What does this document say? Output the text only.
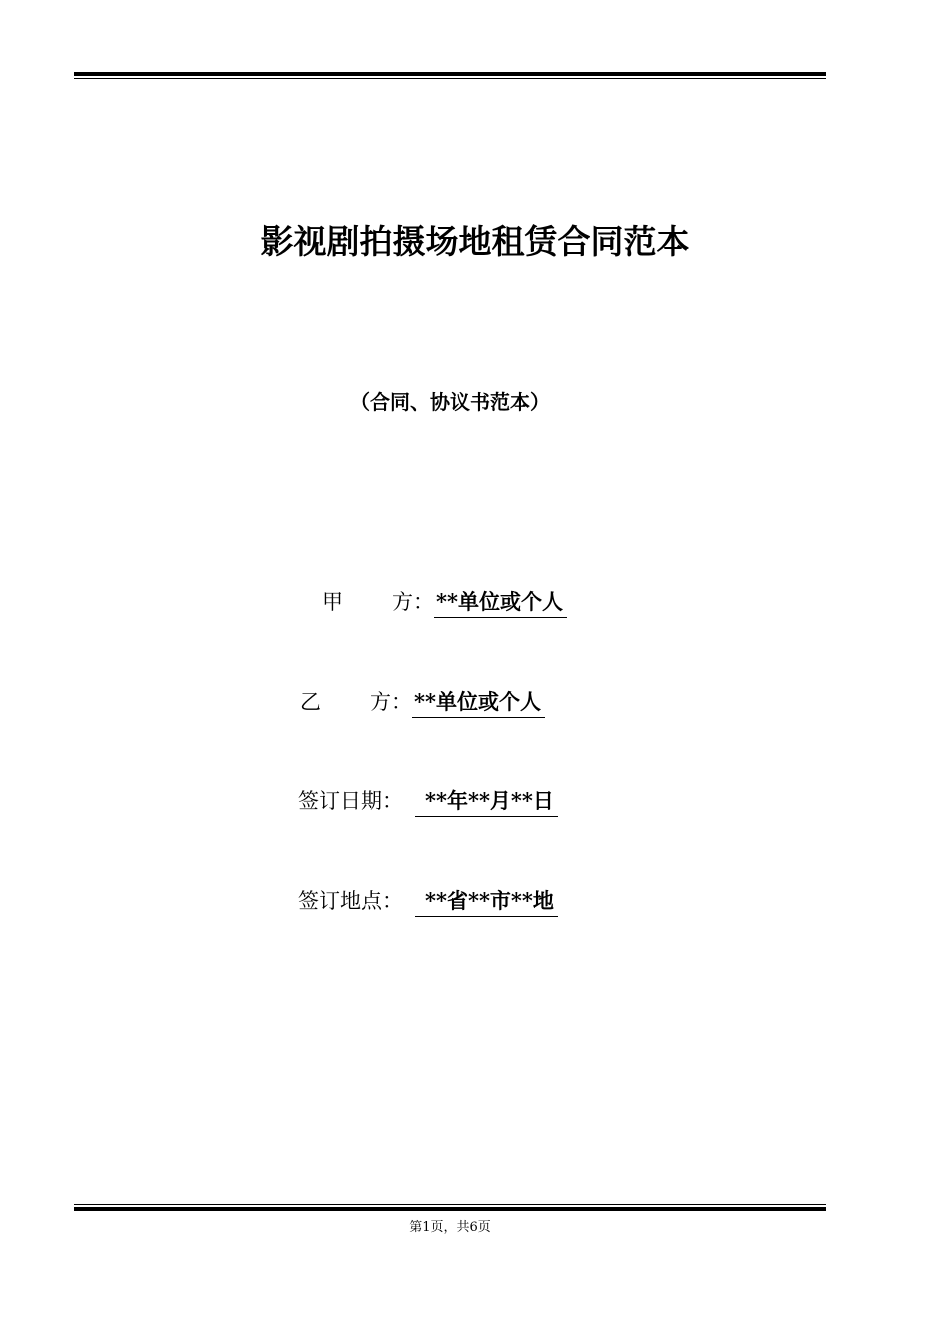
影视剧拍摄场地租赁合同范本
（合同、协议书范本）
甲	方： **单位或个人
乙	方： **单位或个人
签订日期：	**年**月**日
签订地点：	**省**市**地
第1页，共6页
